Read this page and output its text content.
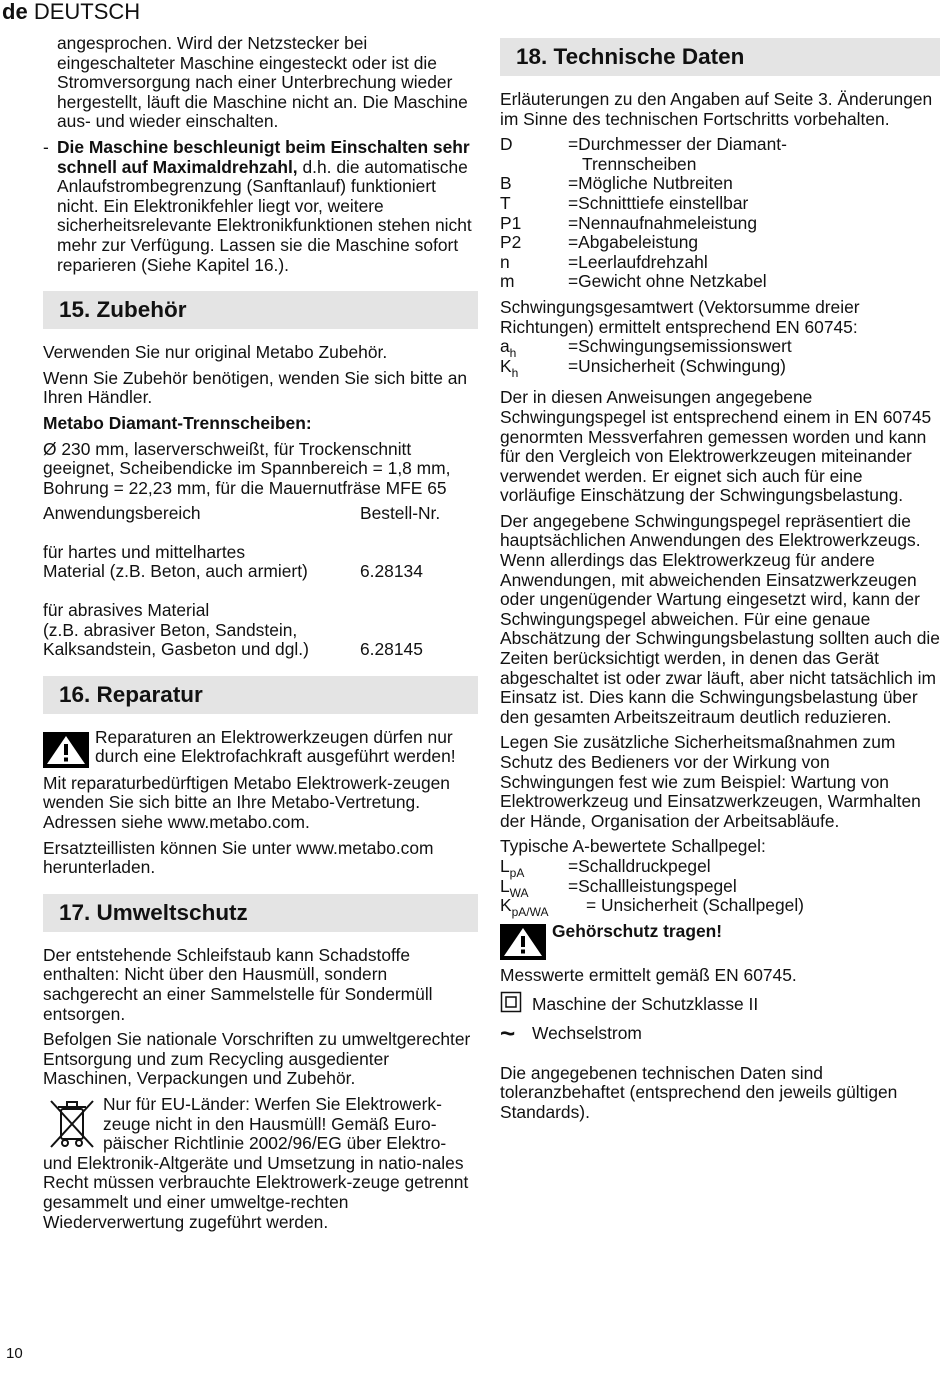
de DEUTSCH

angesprochen. Wird der Netzstecker bei eingeschalteter Maschine eingesteckt oder ist die Stromversorgung nach einer Unterbrechung wieder hergestellt, läuft die Maschine nicht an. Die Maschine aus- und wieder einschalten.

- Die Maschine beschleunigt beim Einschalten sehr schnell auf Maximaldrehzahl, d.h. die automatische Anlaufstrombegrenzung (Sanftanlauf) funktioniert nicht. Ein Elektronikfehler liegt vor, weitere sicherheitsrelevante Elektronikfunktionen stehen nicht mehr zur Verfügung. Lassen sie die Maschine sofort reparieren (Siehe Kapitel 16.).

15. Zubehör

Verwenden Sie nur original Metabo Zubehör.

Wenn Sie Zubehör benötigen, wenden Sie sich bitte an Ihren Händler.

Metabo Diamant-Trennscheiben:

Ø 230 mm, laserverschweißt, für Trockenschnitt geeignet, Scheibendicke im Spannbereich = 1,8 mm, Bohrung = 22,23 mm, für die Mauernutfräse MFE 65

Anwendungsbereich	Bestell-Nr.

für hartes und mittelhartes	
Material (z.B. Beton, auch armiert)	6.28134

für abrasives Material	
(z.B. abrasiver Beton, Sandstein,	
Kalksandstein, Gasbeton und dgl.)	6.28145
16. Reparatur
Reparaturen an Elektrowerkzeugen dürfen nur durch eine Elektrofachkraft ausgeführt werden!

Mit reparaturbedürftigen Metabo Elektrowerk-zeugen wenden Sie sich bitte an Ihre Metabo-Vertretung. Adressen siehe www.metabo.com.

Ersatzteillisten können Sie unter www.metabo.com herunterladen.

17. Umweltschutz

Der entstehende Schleifstaub kann Schadstoffe enthalten: Nicht über den Hausmüll, sondern sachgerecht an einer Sammelstelle für Sondermüll entsorgen.

Befolgen Sie nationale Vorschriften zu umweltgerechter Entsorgung und zum Recycling ausgedienter Maschinen, Verpackungen und Zubehör.

Nur für EU-Länder: Werfen Sie Elektrowerk-zeuge nicht in den Hausmüll! Gemäß Euro-päischer Richtlinie 2002/96/EG über Elektro- und Elektronik-Altgeräte und Umsetzung in natio-nales Recht müssen verbrauchte Elektrowerk-zeuge getrennt gesammelt und einer umweltge-rechten Wiederverwertung zugeführt werden.
18. Technische Daten

Erläuterungen zu den Angaben auf Seite 3. Änderungen im Sinne des technischen Fortschritts vorbehalten.

D	=Durchmesser der Diamant-
Trennscheiben
B	=Mögliche Nutbreiten
T	=Schnitttiefe einstellbar
P1	=Nennaufnahmeleistung
P2	=Abgabeleistung
n	=Leerlaufdrehzahl
m	=Gewicht ohne Netzkabel

Schwingungsgesamtwert (Vektorsumme dreier Richtungen) ermittelt entsprechend EN 60745:

$a_h$	=Schwingungsemissionswert
$K_h$	=Unsicherheit (Schwingung)

Der in diesen Anweisungen angegebene Schwingungspegel ist entsprechend einem in EN 60745 genormten Messverfahren gemessen worden und kann für den Vergleich von Elektrowerkzeugen miteinander verwendet werden. Er eignet sich auch für eine vorläufige Einschätzung der Schwingungsbelastung.

Der angegebene Schwingungspegel repräsentiert die hauptsächlichen Anwendungen des Elektrowerkzeugs. Wenn allerdings das Elektrowerkzeug für andere Anwendungen, mit abweichenden Einsatzwerkzeugen oder ungenügender Wartung eingesetzt wird, kann der Schwingungspegel abweichen. Für eine genaue Abschätzung der Schwingungsbelastung sollten auch die Zeiten berücksichtigt werden, in denen das Gerät abgeschaltet ist oder zwar läuft, aber nicht tatsächlich im Einsatz ist. Dies kann die Schwingungsbelastung über den gesamten Arbeitszeitraum deutlich reduzieren.

Legen Sie zusätzliche Sicherheitsmaßnahmen zum Schutz des Bedieners vor der Wirkung von Schwingungen fest wie zum Beispiel: Wartung von Elektrowerkzeug und Einsatzwerkzeugen, Warmhalten der Hände, Organisation der Arbeitsabläufe.

Typische A-bewertete Schallpegel:

$L_{pA}$	=Schalldruckpegel
$L_{WA}$	=Schallleistungspegel
$K_{pA/WA}$	= Unsicherheit (Schallpegel)
Gehörschutz tragen!

Messwerte ermittelt gemäß EN 60745.

Maschine der Schutzklasse II
~ Wechselstrom

Die angegebenen technischen Daten sind toleranzbehaftet (entsprechend den jeweils gültigen Standards).

10
